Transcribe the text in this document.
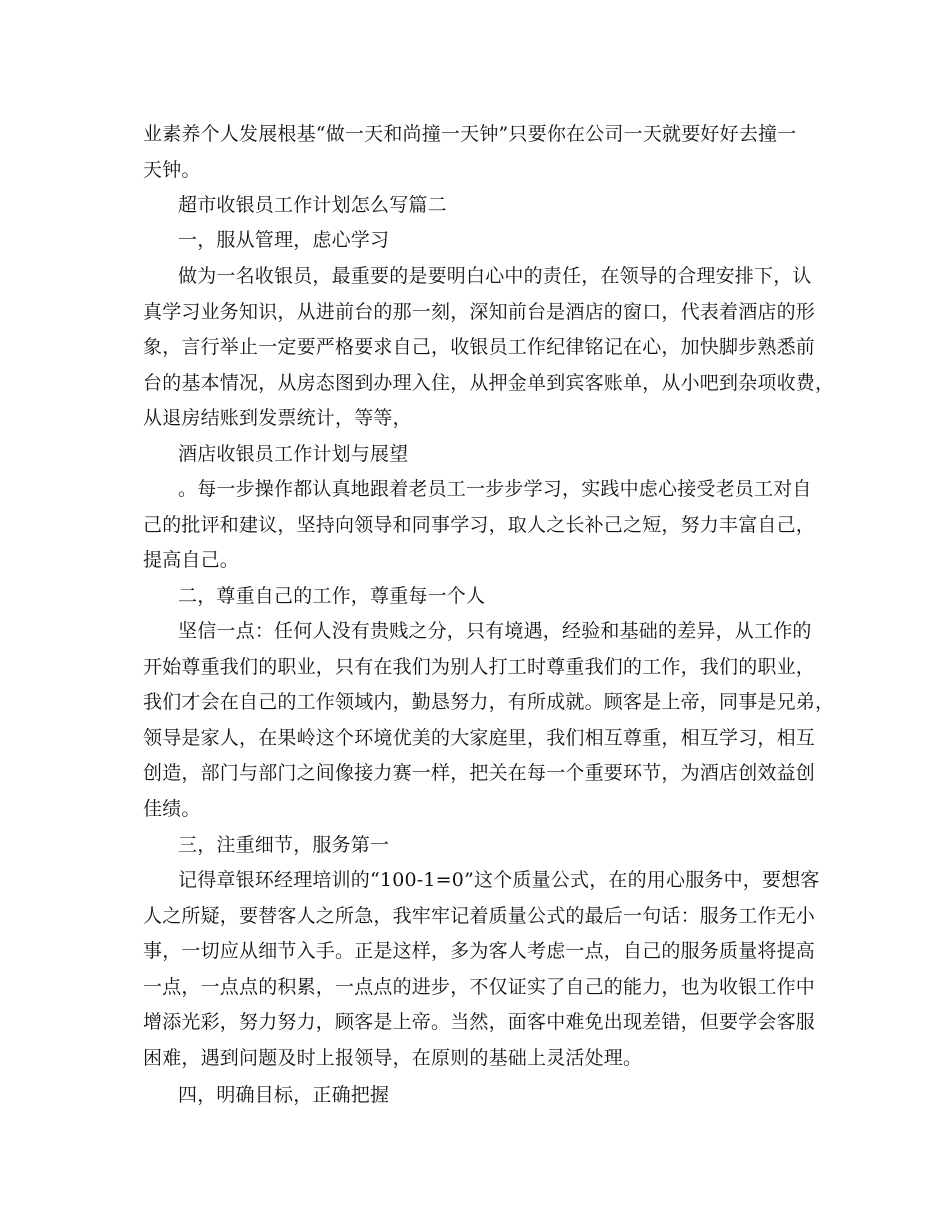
业素养个人发展根基“做一天和尚撞一天钟”只要你在公司一天就要好好去撞一
天钟。
超市收银员工作计划怎么写篇二
一，服从管理，虑心学习
做为一名收银员，最重要的是要明白心中的责任，在领导的合理安排下，认
真学习业务知识，从进前台的那一刻，深知前台是酒店的窗口，代表着酒店的形
象，言行举止一定要严格要求自己，收银员工作纪律铭记在心，加快脚步熟悉前
台的基本情况，从房态图到办理入住，从押金单到宾客账单，从小吧到杂项收费，
从退房结账到发票统计，等等，
酒店收银员工作计划与展望
。每一步操作都认真地跟着老员工一步步学习，实践中虑心接受老员工对自
己的批评和建议，坚持向领导和同事学习，取人之长补己之短，努力丰富自己，
提高自己。
二，尊重自己的工作，尊重每一个人
坚信一点：任何人没有贵贱之分，只有境遇，经验和基础的差异，从工作的
开始尊重我们的职业，只有在我们为别人打工时尊重我们的工作，我们的职业，
我们才会在自己的工作领域内，勤恳努力，有所成就。顾客是上帝，同事是兄弟，
领导是家人，在果岭这个环境优美的大家庭里，我们相互尊重，相互学习，相互
创造，部门与部门之间像接力赛一样，把关在每一个重要环节，为酒店创效益创
佳绩。
三，注重细节，服务第一
记得章银环经理培训的“100-1=0”这个质量公式，在的用心服务中，要想客
人之所疑，要替客人之所急，我牢牢记着质量公式的最后一句话：服务工作无小
事，一切应从细节入手。正是这样，多为客人考虑一点，自己的服务质量将提高
一点，一点点的积累，一点点的进步，不仅证实了自己的能力，也为收银工作中
增添光彩，努力努力，顾客是上帝。当然，面客中难免出现差错，但要学会客服
困难，遇到问题及时上报领导，在原则的基础上灵活处理。
四，明确目标，正确把握
